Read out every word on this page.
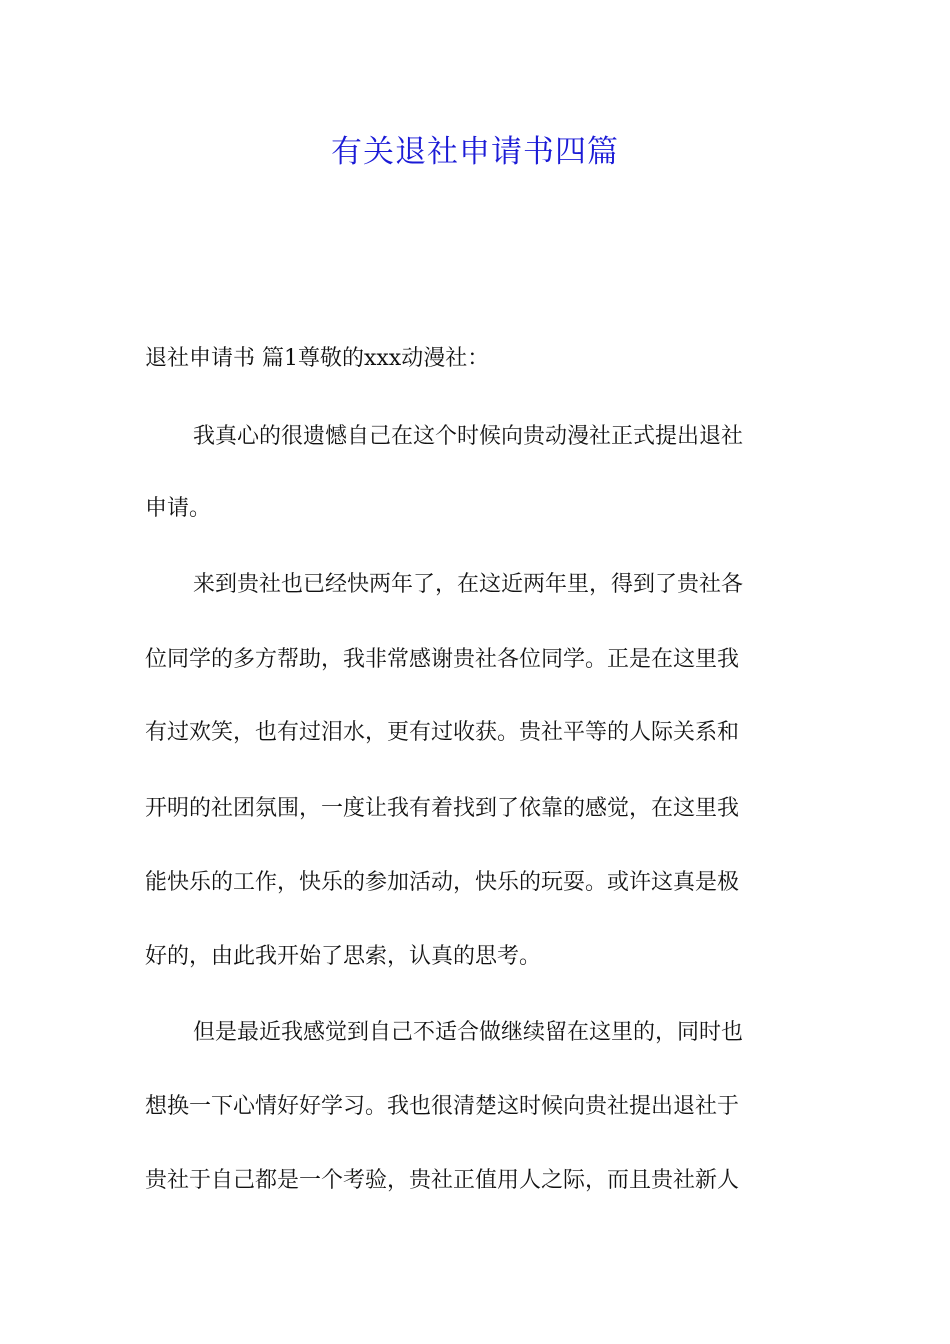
有关退社申请书四篇
退社申请书 篇1尊敬的xxx动漫社：
我真心的很遗憾自己在这个时候向贵动漫社正式提出退社
申请。
来到贵社也已经快两年了，在这近两年里，得到了贵社各
位同学的多方帮助，我非常感谢贵社各位同学。正是在这里我
有过欢笑，也有过泪水，更有过收获。贵社平等的人际关系和
开明的社团氛围，一度让我有着找到了依靠的感觉，在这里我
能快乐的工作，快乐的参加活动，快乐的玩耍。或许这真是极
好的，由此我开始了思索，认真的思考。
但是最近我感觉到自己不适合做继续留在这里的，同时也
想换一下心情好好学习。我也很清楚这时候向贵社提出退社于
贵社于自己都是一个考验，贵社正值用人之际，而且贵社新人
